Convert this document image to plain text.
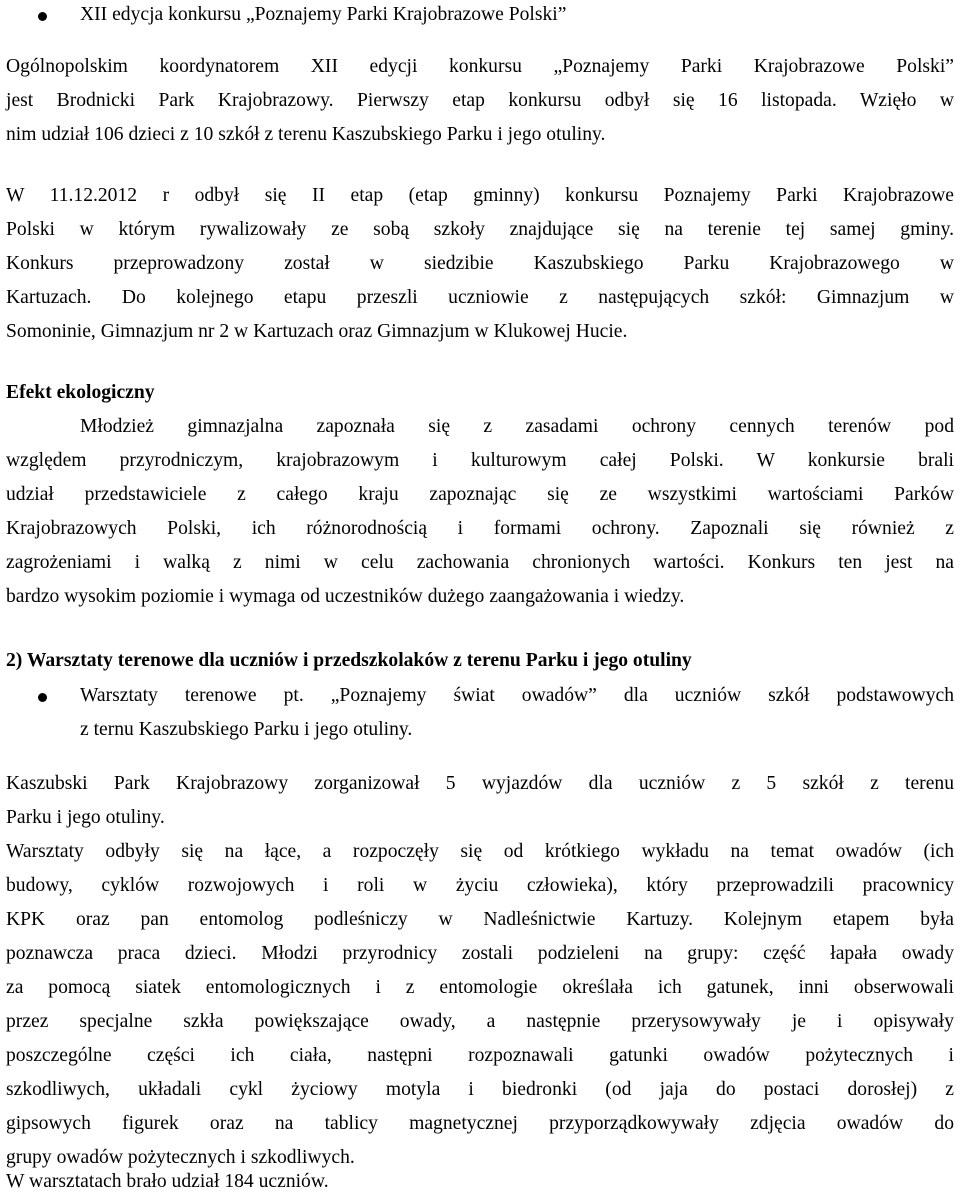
XII edycja konkursu „Poznajemy Parki Krajobrazowe Polski”
Ogólnopolskim koordynatorem XII edycji konkursu „Poznajemy Parki Krajobrazowe Polski”
jest Brodnicki Park Krajobrazowy. Pierwszy etap konkursu odbył się 16 listopada. Wzięło w
nim udział 106 dzieci z 10 szkół z terenu Kaszubskiego Parku i jego otuliny.
W 11.12.2012 r odbył się II etap (etap gminny) konkursu Poznajemy Parki Krajobrazowe
Polski w którym rywalizowały ze sobą szkoły znajdujące się na terenie tej samej gminy.
Konkurs przeprowadzony został w siedzibie Kaszubskiego Parku Krajobrazowego w
Kartuzach. Do kolejnego etapu przeszli uczniowie z następujących szkół: Gimnazjum w
Somoninie, Gimnazjum nr 2 w Kartuzach oraz Gimnazjum w Klukowej Hucie.
Efekt ekologiczny
Młodzież gimnazjalna zapoznała się z zasadami ochrony cennych terenów pod
względem przyrodniczym, krajobrazowym i kulturowym całej Polski. W konkursie brali
udział przedstawiciele z całego kraju zapoznając się ze wszystkimi wartościami Parków
Krajobrazowych Polski, ich różnorodnością i formami ochrony. Zapoznali się również z
zagrożeniami i walką z nimi w celu zachowania chronionych wartości. Konkurs ten jest na
bardzo wysokim poziomie i wymaga od uczestników dużego zaangażowania i wiedzy.
2) Warsztaty terenowe dla uczniów i przedszkolaków z terenu Parku i jego otuliny
Warsztaty terenowe pt. „Poznajemy świat owadów” dla uczniów szkół podstawowych
z ternu Kaszubskiego Parku i jego otuliny.
Kaszubski Park Krajobrazowy zorganizował 5 wyjazdów dla uczniów z 5 szkół z terenu
Parku i jego otuliny.
Warsztaty odbyły się na łące, a rozpoczęły się od krótkiego wykładu na temat owadów (ich
budowy, cyklów rozwojowych i roli w życiu człowieka), który przeprowadzili pracownicy
KPK oraz pan entomolog podleśniczy w Nadleśnictwie Kartuzy. Kolejnym etapem była
poznawcza praca dzieci. Młodzi przyrodnicy zostali podzieleni na grupy: część łapała owady
za pomocą siatek entomologicznych i z entomologie określała ich gatunek, inni obserwowali
przez specjalne szkła powiększające owady, a następnie przerysowywały je i opisywały
poszczególne części ich ciała, następni rozpoznawali gatunki owadów pożytecznych i
szkodliwych, układali cykl życiowy motyla i biedronki (od jaja do postaci dorosłej) z
gipsowych figurek oraz na tablicy magnetycznej przyporządkowywały zdjęcia owadów do
grupy owadów pożytecznych i szkodliwych.
W warsztatach brało udział 184 uczniów.
